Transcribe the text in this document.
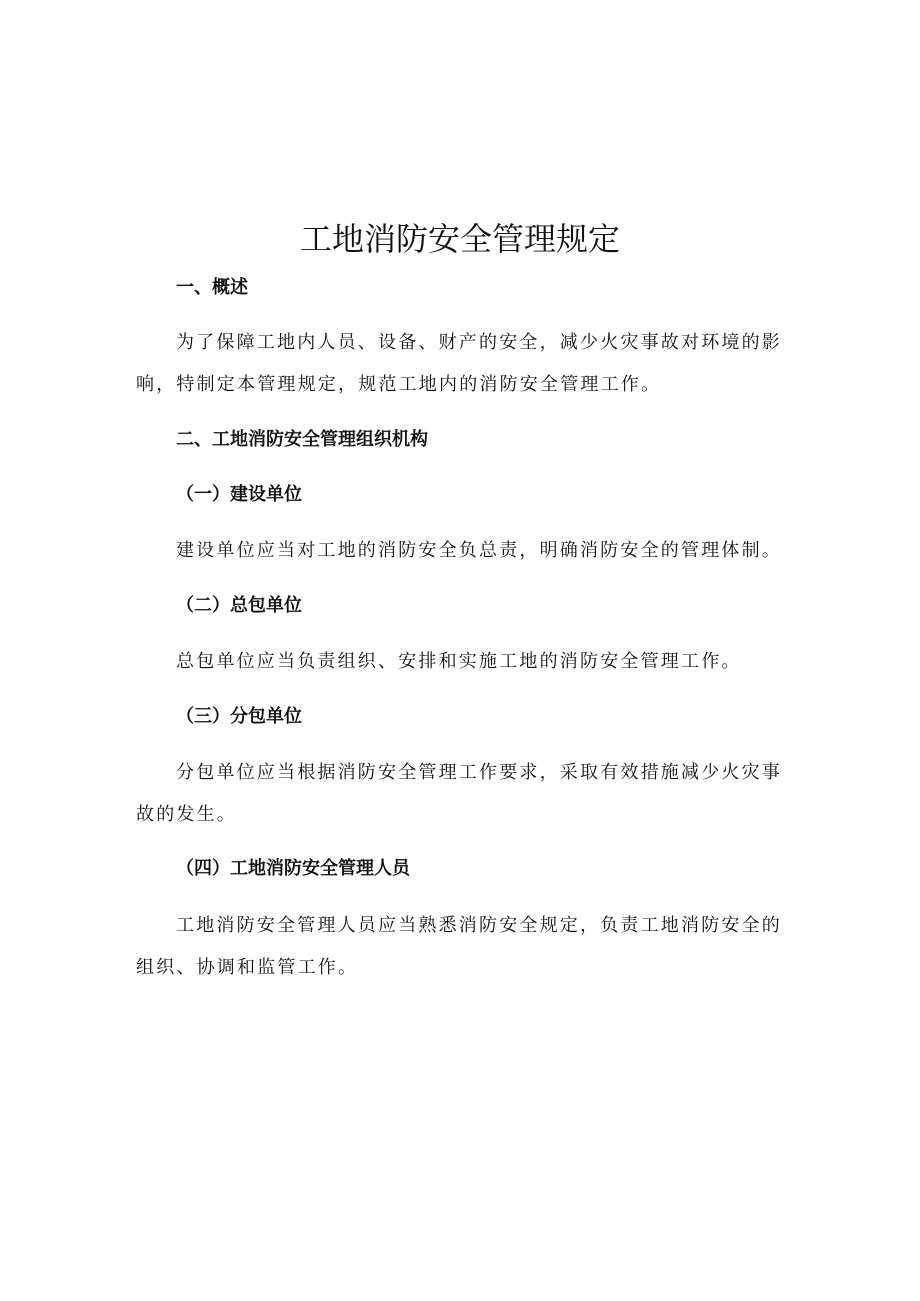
工地消防安全管理规定
一、概述

为了保障工地内人员、设备、财产的安全，减少火灾事故对环境的影响，特制定本管理规定，规范工地内的消防安全管理工作。

二、工地消防安全管理组织机构
（一）建设单位

建设单位应当对工地的消防安全负总责，明确消防安全的管理体制。

（二）总包单位

总包单位应当负责组织、安排和实施工地的消防安全管理工作。

（三）分包单位

分包单位应当根据消防安全管理工作要求，采取有效措施减少火灾事故的发生。

（四）工地消防安全管理人员

工地消防安全管理人员应当熟悉消防安全规定，负责工地消防安全的组织、协调和监管工作。
